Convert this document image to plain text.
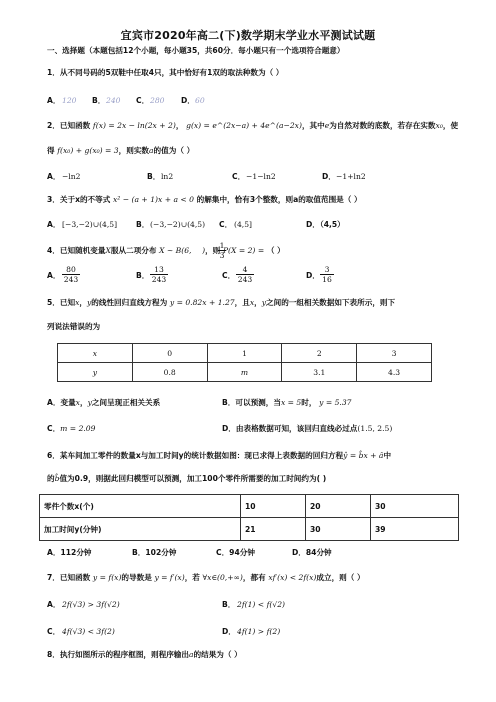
宜宾市2020年高二(下)数学期末学业水平测试试题
一、选择题（本题包括12个小题，每小题35，共60分．每小题只有一个选项符合题意）
1．从不同号码的5双鞋中任取4只，其中恰好有1双的取法种数为（ ）
A． 120 B． 240 C． 280 D． 60
2．已知函数 f(x) = 2x − ln(2x + 2)， g(x) = e^(2x−a) + 4e^(a−2x)，其中e为自然对数的底数，若存在实数x₀，使
得 f(x₀) + g(x₀) = 3，则实数a的值为（ ）
A． −ln2	B． ln2	C． −1−ln2	D． −1+ln2
3．关于x的不等式 x² − (a + 1)x + a < 0 的解集中，恰有3个整数，则a的取值范围是（ ）
A． [−3,−2)∪(4,5] B． (−3,−2)∪(4,5) C． (4,5]	D．（4,5）
4．已知随机变量X服从二项分布 X ~ B(6, )，则 P(X = 2) = （ ）
1
3
A．
80
243	B．
13
243	C．
4
243	D．
3
16
5．已知x，y的线性回归直线方程为 y = 0.82x + 1.27，且x，y之间的一组相关数据如下表所示，则下
列说法错误的为
x	0	1	2	3
y	0.8	m	3.1	4.3
A．变量x，y之间呈现正相关关系	B．可以预测，当x = 5时， y = 5.37
C．m = 2.09	D．由表格数据可知，该回归直线必过点(1.5, 2.5)
6．某车间加工零件的数量x与加工时间y的统计数据如图：现已求得上表数据的回归方程ŷ = b̂x + â中
的b̂值为0.9，则据此回归模型可以预测，加工100个零件所需要的加工时间约为( )
零件个数x(个)	10	20	30
加工时间y(分钟)	21	30	39
A．112分钟	B．102分钟	C．94分钟	D．84分钟
7．已知函数 y = f(x)的导数是 y = f′(x)，若 ∀x∈(0,+∞)，都有 xf′(x) < 2f(x)成立，则（ ）
A． 2f(√3) > 3f(√2)	B． 2f(1) < f(√2)
C． 4f(√3) < 3f(2)	D． 4f(1) > f(2)
8．执行如图所示的程序框图，则程序输出a的结果为（ ）
